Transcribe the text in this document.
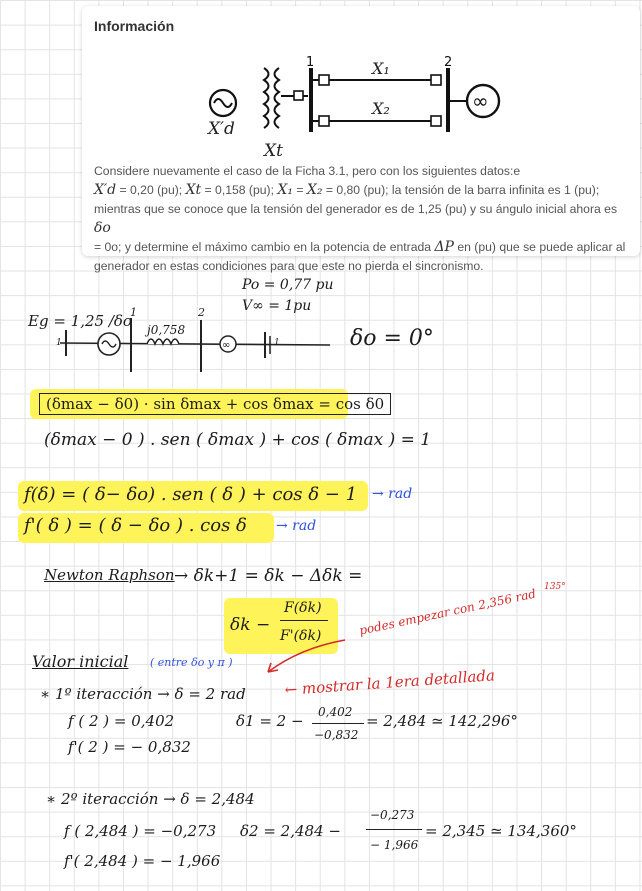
Información
X′d
Xt
1	X₁
X₂
2
∞
Considere nuevamente el caso de la Ficha 3.1, pero con los siguientes datos:e
X′d = 0,20 (pu); Xt = 0,158 (pu); X₁ = X₂ = 0,80 (pu); la tensión de la barra infinita es 1 (pu);
mientras que se conoce que la tensión del generador es de 1,25 (pu) y su ángulo inicial ahora es δo
= 0o; y determine el máximo cambio en la potencia de entrada ΔP en (pu) que se puede aplicar al
generador en estas condiciones para que este no pierda el sincronismo.
Po = 0,77 pu
V∞ = 1pu
Eg = 1,25 /δo
∞
1	2
j0,758
1	1	δo = 0°
(δmax − δ0) · sin δmax + cos δmax = cos δ0
(δmax − 0 ) . sen ( δmax ) + cos ( δmax ) = 1
f(δ) = ( δ− δo) . sen ( δ ) + cos δ − 1 → rad
f'( δ ) = ( δ − δo ) . cos δ → rad
Newton Raphson → δk+1 = δk − Δδk =
δk −
F(δk)
F'(δk)
Valor inicial ( entre δo y π )
podes empezar con 2,356 rad 135°
← mostrar la 1era detallada
∗ 1º iteracción → δ = 2 rad
f ( 2 ) = 0,402
f'( 2 ) = − 0,832
δ1 = 2 − 0,402
−0,832
= 2,484 ≃ 142,296°
∗ 2º iteracción → δ = 2,484
f ( 2,484 ) = −0,273
f'( 2,484 ) = − 1,966
δ2 = 2,484 −
−0,273
− 1,966
= 2,345 ≃ 134,360°
